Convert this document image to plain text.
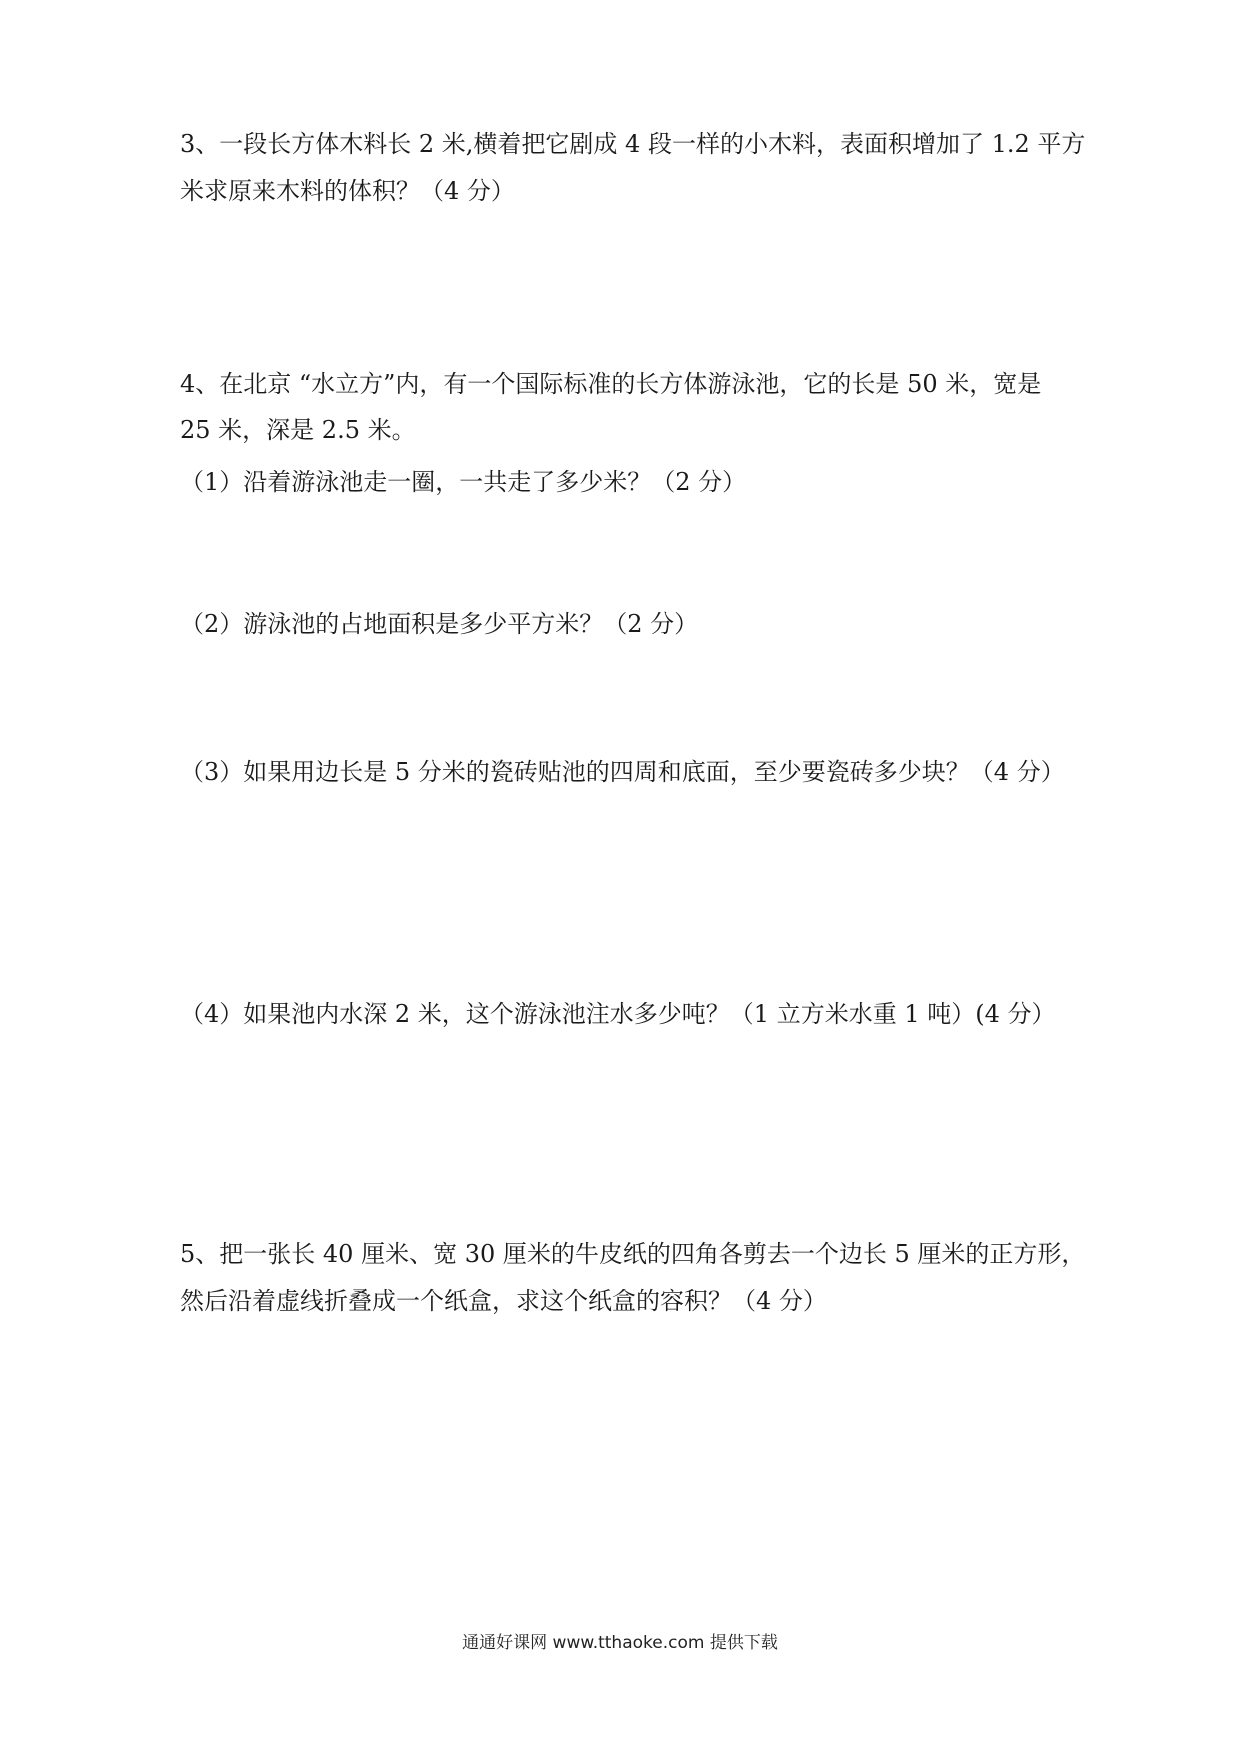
3、一段长方体木料长 2 米,横着把它剧成 4 段一样的小木料，表面积增加了 1.2 平方
米求原来木料的体积？（4 分）
4、在北京 “水立方”内，有一个国际标准的长方体游泳池，它的长是 50 米，宽是
25 米，深是 2.5 米。
（1）沿着游泳池走一圈，一共走了多少米？（2 分）
（2）游泳池的占地面积是多少平方米？（2 分）
（3）如果用边长是 5 分米的瓷砖贴池的四周和底面，至少要瓷砖多少块？（4 分）
（4）如果池内水深 2 米，这个游泳池注水多少吨？（1 立方米水重 1 吨）(4 分）
5、把一张长 40 厘米、宽 30 厘米的牛皮纸的四角各剪去一个边长 5 厘米的正方形，
然后沿着虚线折叠成一个纸盒，求这个纸盒的容积？（4 分）
通通好课网 www.tthaoke.com 提供下载
